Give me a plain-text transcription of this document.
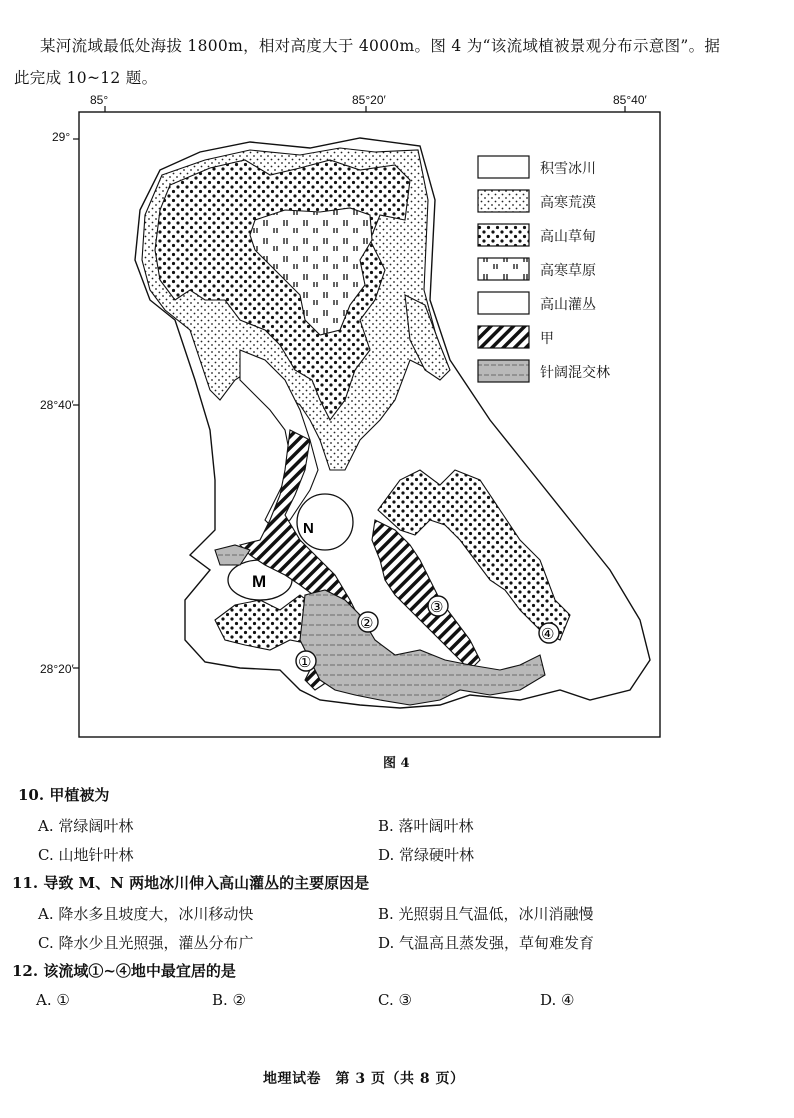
某河流域最低处海拔 1800m，相对高度大于 4000m。图 4 为“该流域植被景观分布示意图”。据
此完成 10~12 题。
85°	85°20′	85°40′
29°
28°40′
28°20′
M
N
①
②
③
④
积雪冰川
高寒荒漠
高山草甸
高寒草原
高山灌丛
甲
针阔混交林
图 4
10. 甲植被为
A. 常绿阔叶林	B. 落叶阔叶林
C. 山地针叶林	D. 常绿硬叶林
11. 导致 M、N 两地冰川伸入高山灌丛的主要原因是
A. 降水多且坡度大，冰川移动快	B. 光照弱且气温低，冰川消融慢
C. 降水少且光照强，灌丛分布广	D. 气温高且蒸发强，草甸难发育
12. 该流域①~④地中最宜居的是
A. ①	B. ②	C. ③	D. ④
地理试卷　第 3 页（共 8 页）
